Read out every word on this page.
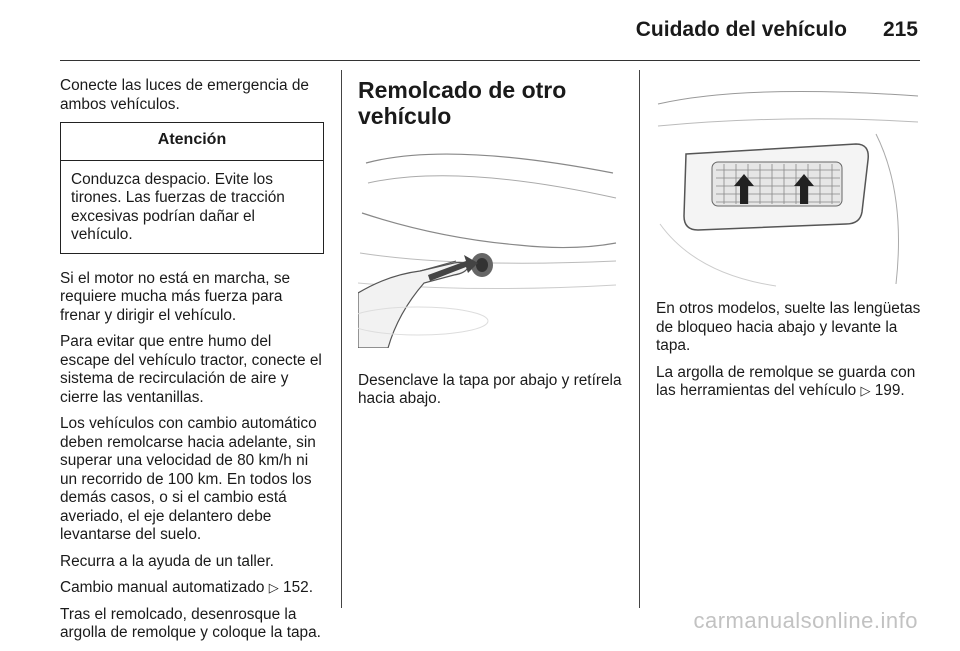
Cuidado del vehículo 215

Conecte las luces de emergencia de ambos vehículos.

Atención
Conduzca despacio. Evite los tirones. Las fuerzas de tracción excesivas podrían dañar el vehículo.

Si el motor no está en marcha, se requiere mucha más fuerza para frenar y dirigir el vehículo.

Para evitar que entre humo del escape del vehículo tractor, conecte el sistema de recirculación de aire y cierre las ventanillas.

Los vehículos con cambio automático deben remolcarse hacia adelante, sin superar una velocidad de 80 km/h ni un recorrido de 100 km. En todos los demás casos, o si el cambio está averiado, el eje delantero debe levantarse del suelo.

Recurra a la ayuda de un taller.

Cambio manual automatizado ▷ 152.

Tras el remolcado, desenrosque la argolla de remolque y coloque la tapa.

Remolcado de otro vehículo

Desenclave la tapa por abajo y retírela hacia abajo.

En otros modelos, suelte las lengüetas de bloqueo hacia abajo y levante la tapa.

La argolla de remolque se guarda con las herramientas del vehículo ▷ 199.

carmanualsonline.info
